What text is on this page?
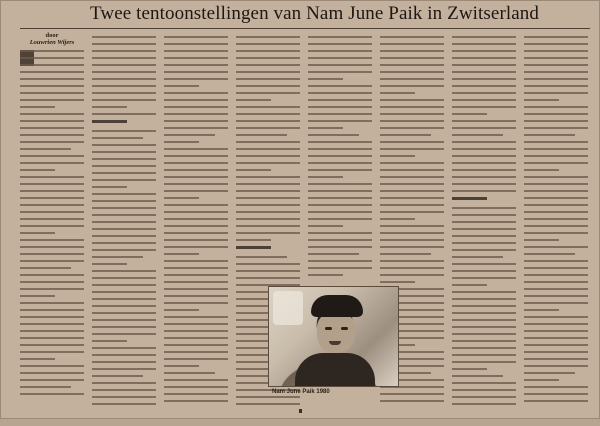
Twee tentoonstellingen van Nam June Paik in Zwitserland
door
Louwrien Wijers
Nam June Paik 1980
